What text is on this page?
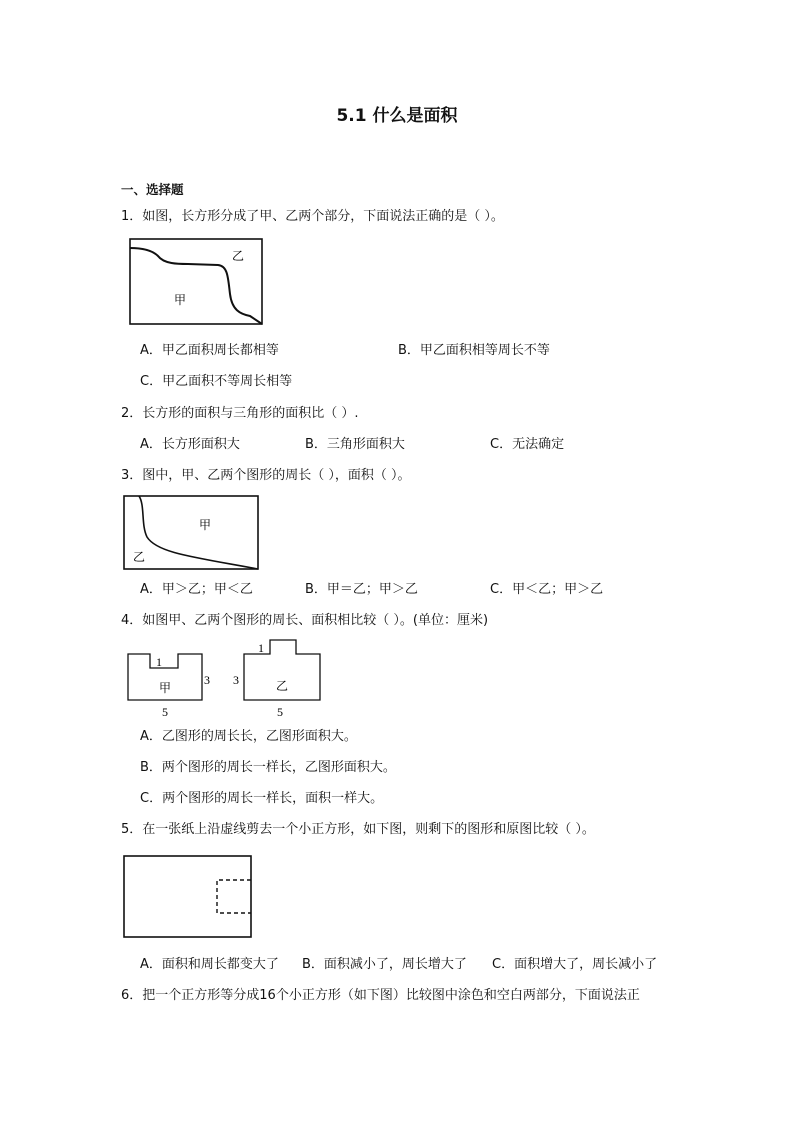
5.1 什么是面积
一、选择题
1．如图，长方形分成了甲、乙两个部分，下面说法正确的是（ ）。
乙
甲
A．甲乙面积周长都相等	B．甲乙面积相等周长不等
C．甲乙面积不等周长相等
2．长方形的面积与三角形的面积比（ ）.
A．长方形面积大	B．三角形面积大	C．无法确定
3．图中，甲、乙两个图形的周长（ ），面积（ ）。
甲
乙
A．甲＞乙；甲＜乙	B．甲＝乙；甲＞乙	C．甲＜乙；甲＞乙
4．如图甲、乙两个图形的周长、面积相比较（ ）。(单位：厘米)
1
甲
3
5
1
乙
3
5
A．乙图形的周长长，乙图形面积大。
B．两个图形的周长一样长，乙图形面积大。
C．两个图形的周长一样长，面积一样大。
5．在一张纸上沿虚线剪去一个小正方形，如下图，则剩下的图形和原图比较（ ）。
A．面积和周长都变大了 B．面积减小了，周长增大了 C．面积增大了，周长减小了
6．把一个正方形等分成16个小正方形（如下图）比较图中涂色和空白两部分，下面说法正
